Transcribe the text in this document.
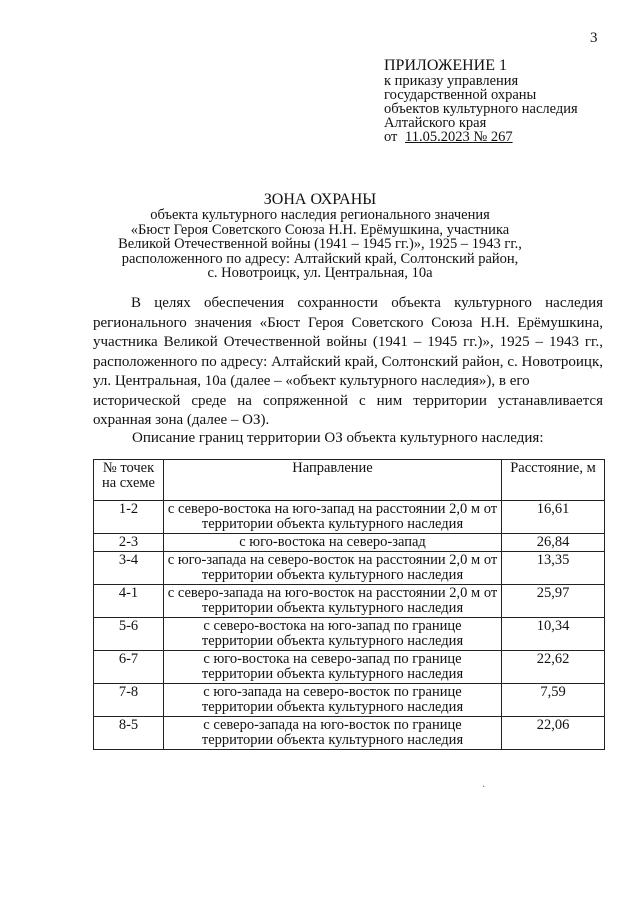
3
ПРИЛОЖЕНИЕ 1
к приказу управления
государственной охраны
объектов культурного наследия
Алтайского края
от 11.05.2023 № 267
ЗОНА ОХРАНЫ
объекта культурного наследия регионального значения
«Бюст Героя Советского Союза Н.Н. Ерёмушкина, участника
Великой Отечественной войны (1941 – 1945 гг.)», 1925 – 1943 гг.,
расположенного по адресу: Алтайский край, Солтонский район,
с. Новотроицк, ул. Центральная, 10а

В целях обеспечения сохранности объекта культурного наследия регионального значения «Бюст Героя Советского Союза Н.Н. Ерёмушкина, участника Великой Отечественной войны (1941 – 1945 гг.)», 1925 – 1943 гг., расположенного по адресу: Алтайский край, Солтонский район, с. Новотроицк, ул. Центральная, 10а (далее – «объект культурного наследия»), в его

исторической среде на сопряженной с ним территории устанавливается охранная зона (далее – ОЗ).

Описание границ территории ОЗ объекта культурного наследия:
№ точек на схеме	Направление	Расстояние, м
1-2	с северо-востока на юго-запад на расстоянии 2,0 м от территории объекта культурного наследия	16,61
2-3	с юго-востока на северо-запад	26,84
3-4	с юго-запада на северо-восток на расстоянии 2,0 м от территории объекта культурного наследия	13,35
4-1	с северо-запада на юго-восток на расстоянии 2,0 м от территории объекта культурного наследия	25,97
5-6	с северо-востока на юго-запад по границе территории объекта культурного наследия	10,34
6-7	с юго-востока на северо-запад по границе территории объекта культурного наследия	22,62
7-8	с юго-запада на северо-восток по границе территории объекта культурного наследия	7,59
8-5	с северо-запада на юго-восток по границе территории объекта культурного наследия	22,06
·
